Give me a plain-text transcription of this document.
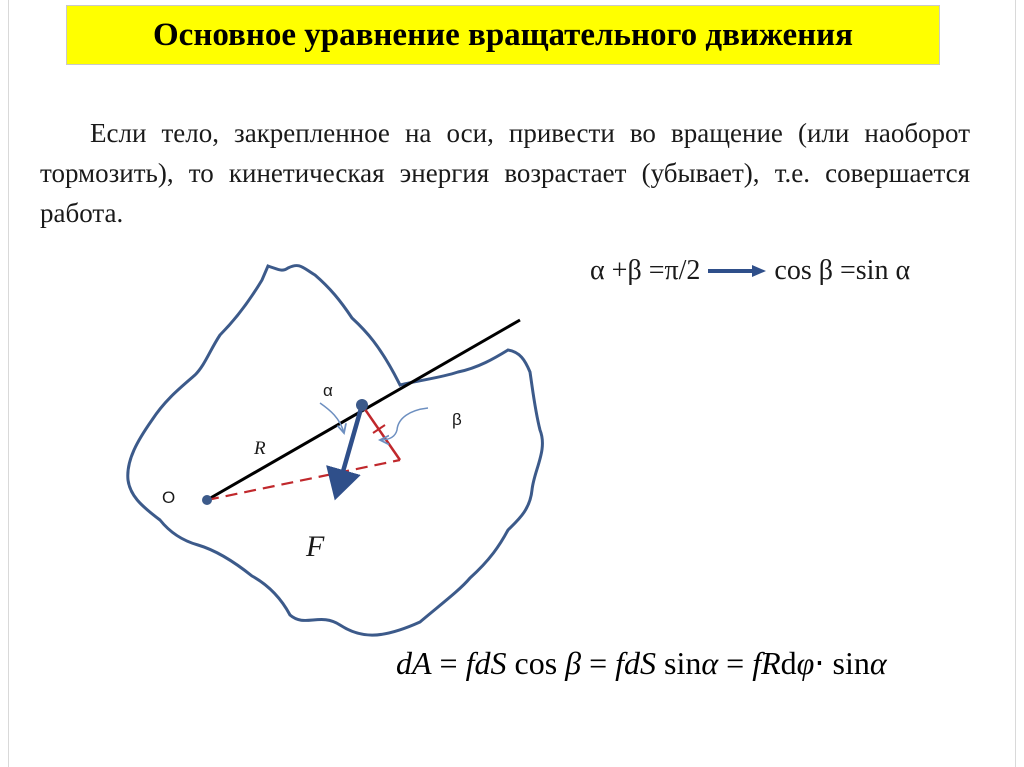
Основное уравнение вращательного движения

Если тело, закрепленное на оси, привести во вращение (или наоборот тормозить), то кинетическая энергия возрастает (убывает), т.е. совершается работа.

α +β =π/2	cos β =sin α
α
β
R
O
F
dA = fdS cos β = fdS sinα = fRdφ⋅ sinα
